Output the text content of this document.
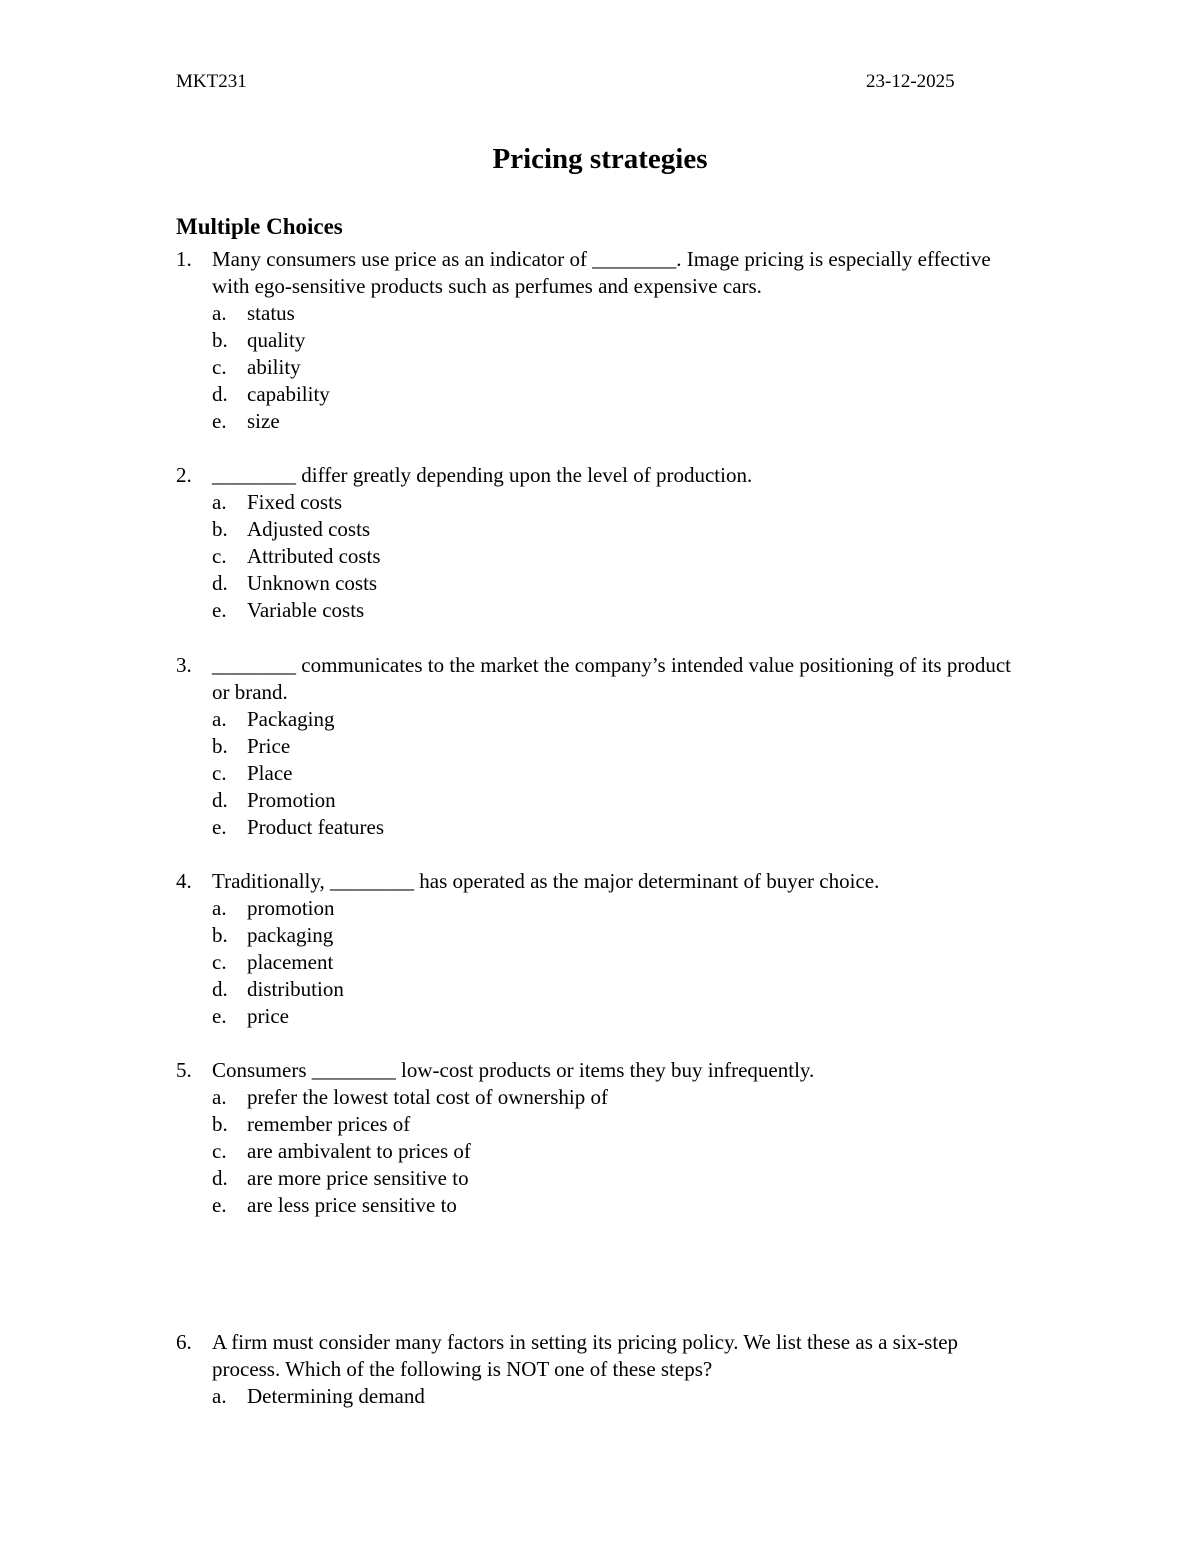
MKT231	23-12-2025
Pricing strategies
Multiple Choices
1. Many consumers use price as an indicator of ________. Image pricing is especially effective with ego-sensitive products such as perfumes and expensive cars.
a. status
b. quality
c. ability
d. capability
e. size
2. ________ differ greatly depending upon the level of production.
a. Fixed costs
b. Adjusted costs
c. Attributed costs
d. Unknown costs
e. Variable costs
3. ________ communicates to the market the company’s intended value positioning of its product or brand.
a. Packaging
b. Price
c. Place
d. Promotion
e. Product features
4. Traditionally, ________ has operated as the major determinant of buyer choice.
a. promotion
b. packaging
c. placement
d. distribution
e. price
5. Consumers ________ low-cost products or items they buy infrequently.
a. prefer the lowest total cost of ownership of
b. remember prices of
c. are ambivalent to prices of
d. are more price sensitive to
e. are less price sensitive to
6. A firm must consider many factors in setting its pricing policy. We list these as a six-step process. Which of the following is NOT one of these steps?
a. Determining demand
